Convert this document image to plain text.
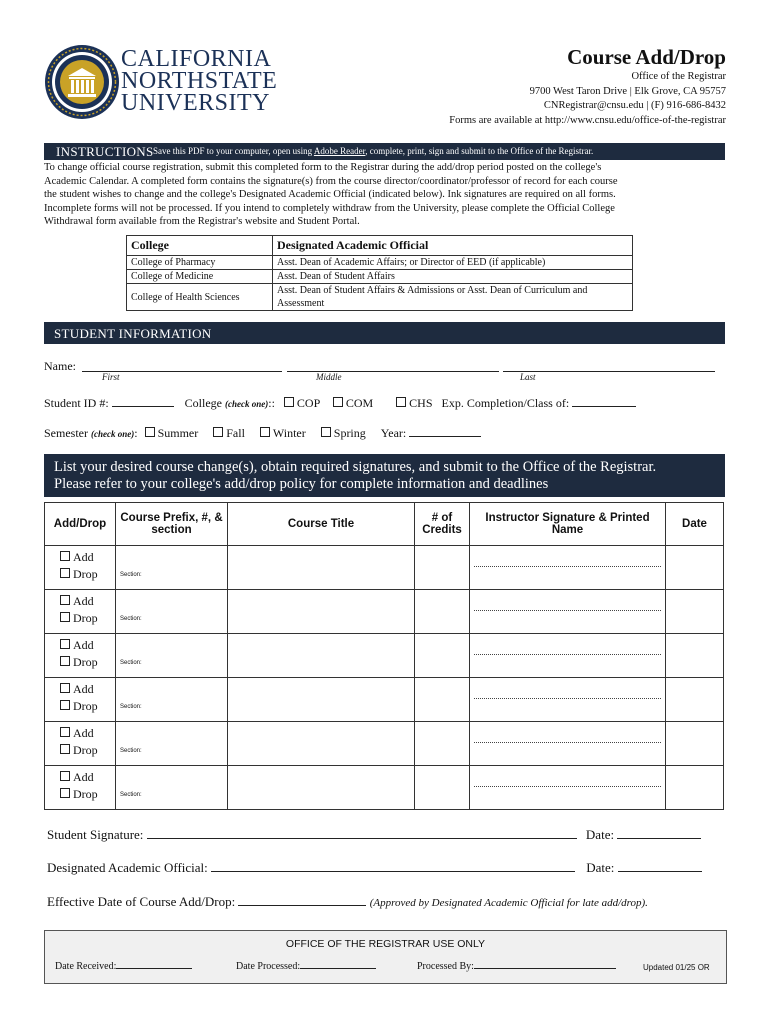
CALIFORNIA
NORTHSTATE
UNIVERSITY
Course Add/Drop
Office of the Registrar
9700 West Taron Drive | Elk Grove, CA 95757
CNRegistrar@cnsu.edu | (F) 916-686-8432
Forms are available at http://www.cnsu.edu/office-of-the-registrar
INSTRUCTIONS Save this PDF to your computer, open using Adobe Reader, complete, print, sign and submit to the Office of the Registrar.
To change official course registration, submit this completed form to the Registrar during the add/drop period posted on the college's
Academic Calendar. A completed form contains the signature(s) from the course director/coordinator/professor of record for each course
the student wishes to change and the college's Designated Academic Official (indicated below). Ink signatures are required on all forms.
Incomplete forms will not be processed. If you intend to completely withdraw from the University, please complete the Official College
Withdrawal form available from the Registrar's website and Student Portal.
College	Designated Academic Official
College of Pharmacy	Asst. Dean of Academic Affairs; or Director of EED (if applicable)
College of Medicine	Asst. Dean of Student Affairs
College of Health Sciences	Asst. Dean of Student Affairs & Admissions or Asst. Dean of Curriculum and Assessment
STUDENT INFORMATION
Name:
First	Middle	Last
Student ID #:	College (check one):: COP COM	CHS Exp. Completion/Class of:
Semester (check one): Summer Fall Winter Spring Year:
List your desired course change(s), obtain required signatures, and submit to the Office of the Registrar.
Please refer to your college's add/drop policy for complete information and deadlines
Add/Drop	Course Prefix, #, & section	Course Title	# of Credits	Instructor Signature & Printed Name	Date

Add
Drop	Section:				

Add
Drop	Section:				

Add
Drop	Section:				

Add
Drop	Section:				

Add
Drop	Section:				

Add
Drop	Section:				

Student Signature:	Date:
Designated Academic Official:	Date:
Effective Date of Course Add/Drop:	(Approved by Designated Academic Official for late add/drop).
OFFICE OF THE REGISTRAR USE ONLY
Date Received:	Date Processed:	Processed By:	Updated 01/25 OR
